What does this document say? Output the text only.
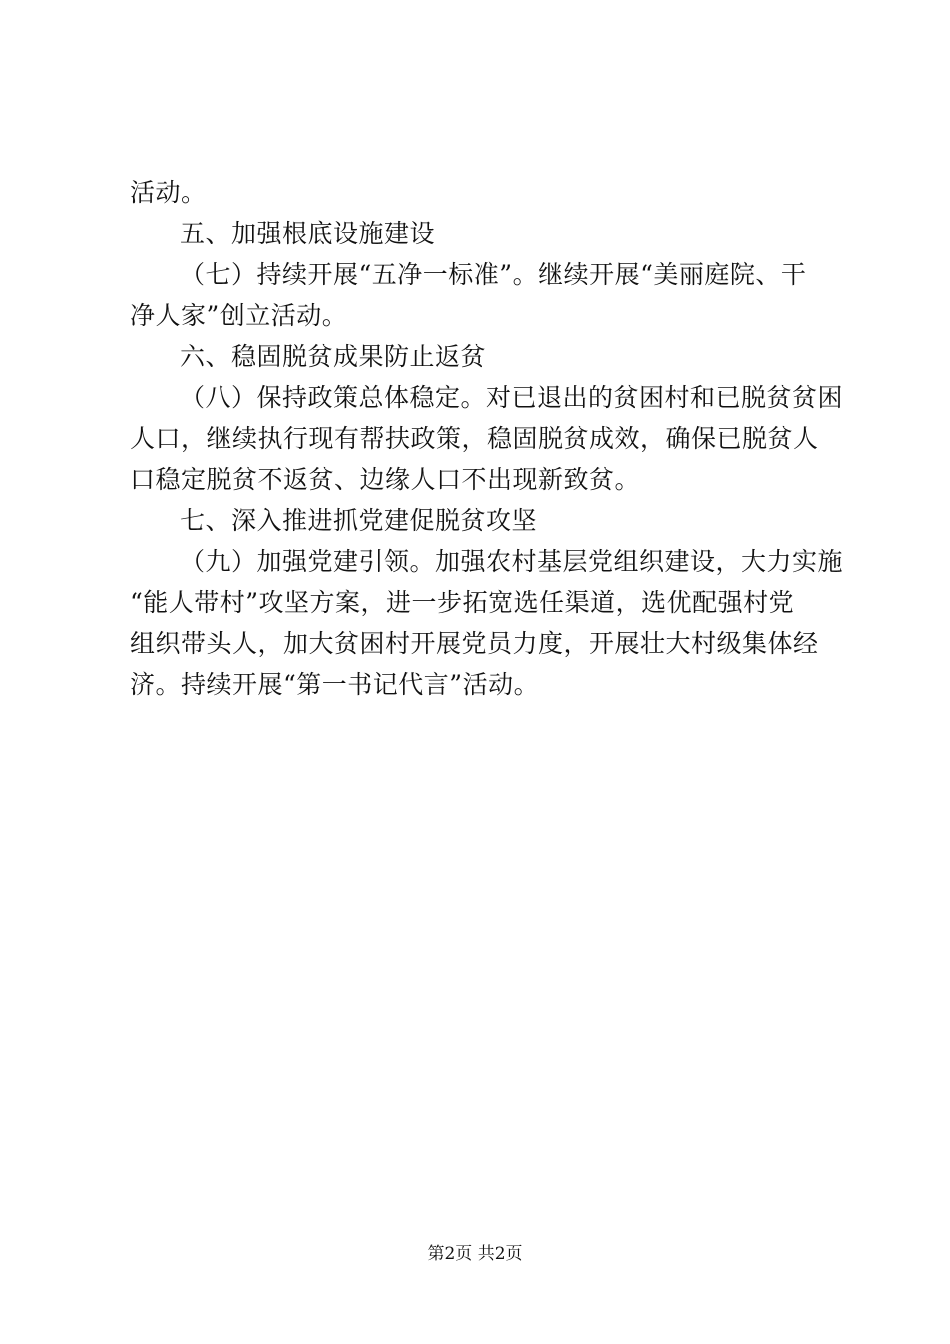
活动。
五、加强根底设施建设
（七）持续开展“五净一标准”。继续开展“美丽庭院、干
净人家”创立活动。
六、稳固脱贫成果防止返贫
（八）保持政策总体稳定。对已退出的贫困村和已脱贫贫困
人口，继续执行现有帮扶政策，稳固脱贫成效，确保已脱贫人
口稳定脱贫不返贫、边缘人口不出现新致贫。
七、深入推进抓党建促脱贫攻坚
（九）加强党建引领。加强农村基层党组织建设，大力实施
“能人带村”攻坚方案，进一步拓宽选任渠道，选优配强村党
组织带头人，加大贫困村开展党员力度，开展壮大村级集体经
济。持续开展“第一书记代言”活动。
第2页 共2页
